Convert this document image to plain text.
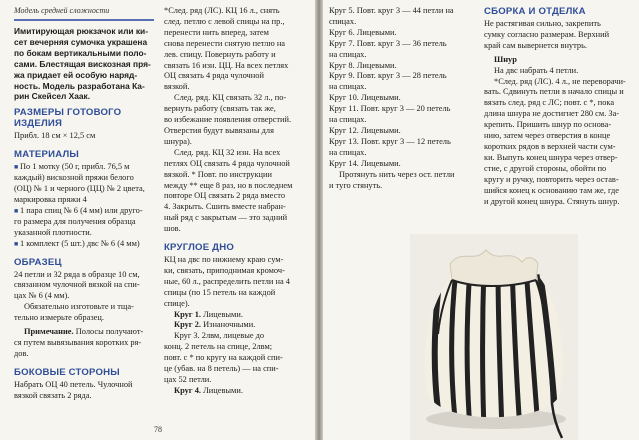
Модель средней сложности
Имитирующая рюкзачок или ки-
сет вечерняя сумочка украшена
по бокам вертикальными поло-
сами. Блестящая вискозная пря-
жа придает ей особую наряд-
ность. Модель разработана Ка-
рин Скейсел Хаак.
РАЗМЕРЫ ГОТОВОГО ИЗДЕЛИЯ

Прибл. 18 см × 12,5 см

МАТЕРИАЛЫ

■ По 1 мотку (50 г, прибл. 76,5 м

каждый) вискозной пряжи белого

(ОЦ) № 1 и черного (ЦЦ) № 2 цвета,

маркировка пряжи 4

■ 1 пара спиц № 6 (4 мм) или друго-

го размера для получения образца

указанной плотности.

■ 1 комплект (5 шт.) двс № 6 (4 мм)

ОБРАЗЕЦ

24 петли и 32 ряда в образце 10 см,

связанном чулочной вязкой на спи-

цах № 6 (4 мм).

Обязательно изготовьте и тща-

тельно измерьте образец.

Примечание. Полосы получают-

ся путем вывязывания коротких ря-

дов.

БОКОВЫЕ СТОРОНЫ

Набрать ОЦ 40 петель. Чулочной

вязкой связать 2 ряда.

*След. ряд (ЛС). КЦ 16 л., снять

след. петлю с левой спицы на пр.,

перенести нить вперед, затем

снова перенести снятую петлю на

лев. спицу. Повернуть работу и

связать 16 изн. ЦЦ. На всех петлях

ОЦ связать 4 ряда чулочной

вязкой.

След. ряд. КЦ связать 32 л., по-

вернуть работу (связать так же,

во избежание появления отверстий.

Отверстия будут вывязаны для

шнура).

След. ряд. КЦ 32 изн. На всех

петлях ОЦ связать 4 ряда чулочной

вязкой. * Повт. по инструкции

между ** еще 8 раз, но в последнем

повторе ОЦ связать 2 ряда вместо

4. Закрыть. Сшить вместе набран-

ный ряд с закрытым — это задний

шов.

КРУГЛОЕ ДНО

КЦ на двс по нижнему краю сум-

ки, связать, приподнимая кромоч-

ные, 60 л., распределить петли на 4

спицы (по 15 петель на каждой

спице).

Круг 1. Лицевыми.

Круг 2. Изнаночными.

Круг 3. 2лвм, лицевые до

конц. 2 петель на спице, 2лвм;

повт. с * по кругу на каждой спи-

це (убав. на 8 петель) — на спи-

цах 52 петли.

Круг 4. Лицевыми.

78

Круг 5. Повт. круг 3 — 44 петли на

спицах.

Круг 6. Лицевыми.

Круг 7. Повт. круг 3 — 36 петель

на спицах.

Круг 8. Лицевыми.

Круг 9. Повт. круг 3 — 28 петель

на спицах.

Круг 10. Лицевыми.

Круг 11. Повт. круг 3 — 20 петель

на спицах.

Круг 12. Лицевыми.

Круг 13. Повт. круг 3 — 12 петель

на спицах.

Круг 14. Лицевыми.

Протянуть нить через ост. петли

и туго стянуть.

СБОРКА И ОТДЕЛКА

Не растягивая сильно, закрепить

сумку согласно размерам. Верхний

край сам вывернется внутрь.

Шнур

На двс набрать 4 петли.

*След. ряд (ЛС). 4 л., не переворачи-

вать. Сдвинуть петли в начало спицы и

вязать след. ряд с ЛС; повт. с *, пока

длина шнура не достигнет 280 см. За-

крепить. Пришить шнур по основа-

нию, затем через отверстия в конце

коротких рядов в верхней части сум-

ки. Выпуть конец шнура через отвер-

стие, с другой стороны, обойти по

кругу и ручку, повторить через остав-

шийся конец к основанию там же, где

и другой конец шнура. Стянуть шнур.
